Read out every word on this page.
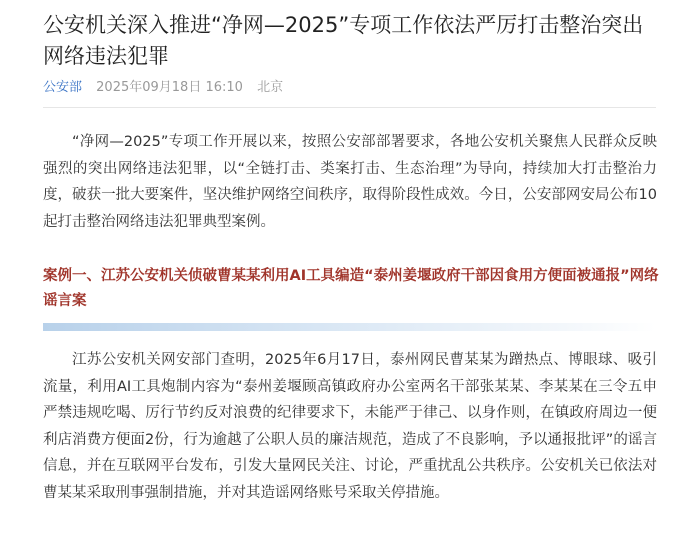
公安机关深入推进“净网—2025”专项工作依法严厉打击整治突出网络违法犯罪
公安部 2025年09月18日 16:10 北京

“净网—2025”专项工作开展以来，按照公安部部署要求，各地公安机关聚焦人民群众反映强烈的突出网络违法犯罪，以“全链打击、类案打击、生态治理”为导向，持续加大打击整治力度，破获一批大要案件，坚决维护网络空间秩序，取得阶段性成效。今日，公安部网安局公布10起打击整治网络违法犯罪典型案例。

案例一、江苏公安机关侦破曹某某利用AI工具编造“泰州姜堰政府干部因食用方便面被通报”网络谣言案

江苏公安机关网安部门查明，2025年6月17日，泰州网民曹某某为蹭热点、博眼球、吸引流量，利用AI工具炮制内容为“泰州姜堰顾高镇政府办公室两名干部张某某、李某某在三令五申严禁违规吃喝、厉行节约反对浪费的纪律要求下，未能严于律己、以身作则，在镇政府周边一便利店消费方便面2份，行为逾越了公职人员的廉洁规范，造成了不良影响，予以通报批评”的谣言信息，并在互联网平台发布，引发大量网民关注、讨论，严重扰乱公共秩序。公安机关已依法对曹某某采取刑事强制措施，并对其造谣网络账号采取关停措施。
